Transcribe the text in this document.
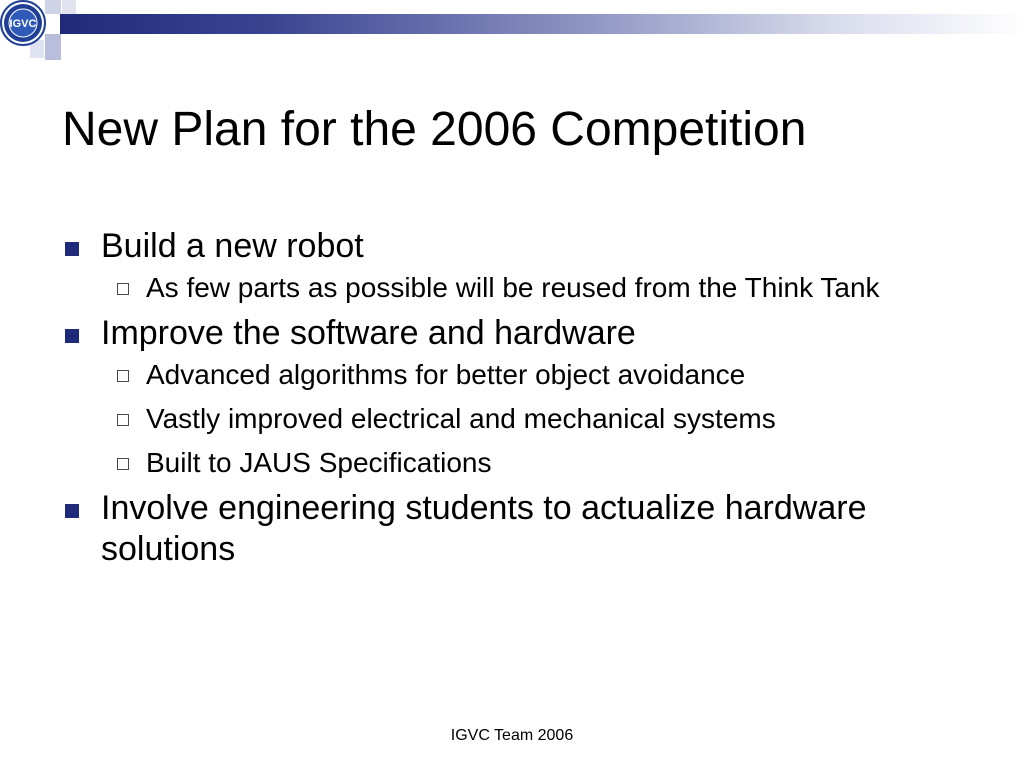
IGVC
New Plan for the 2006 Competition
Build a new robot
As few parts as possible will be reused from the Think Tank
Improve the software and hardware
Advanced algorithms for better object avoidance
Vastly improved electrical and mechanical systems
Built to JAUS Specifications
Involve engineering students to actualize hardware solutions
IGVC Team 2006
